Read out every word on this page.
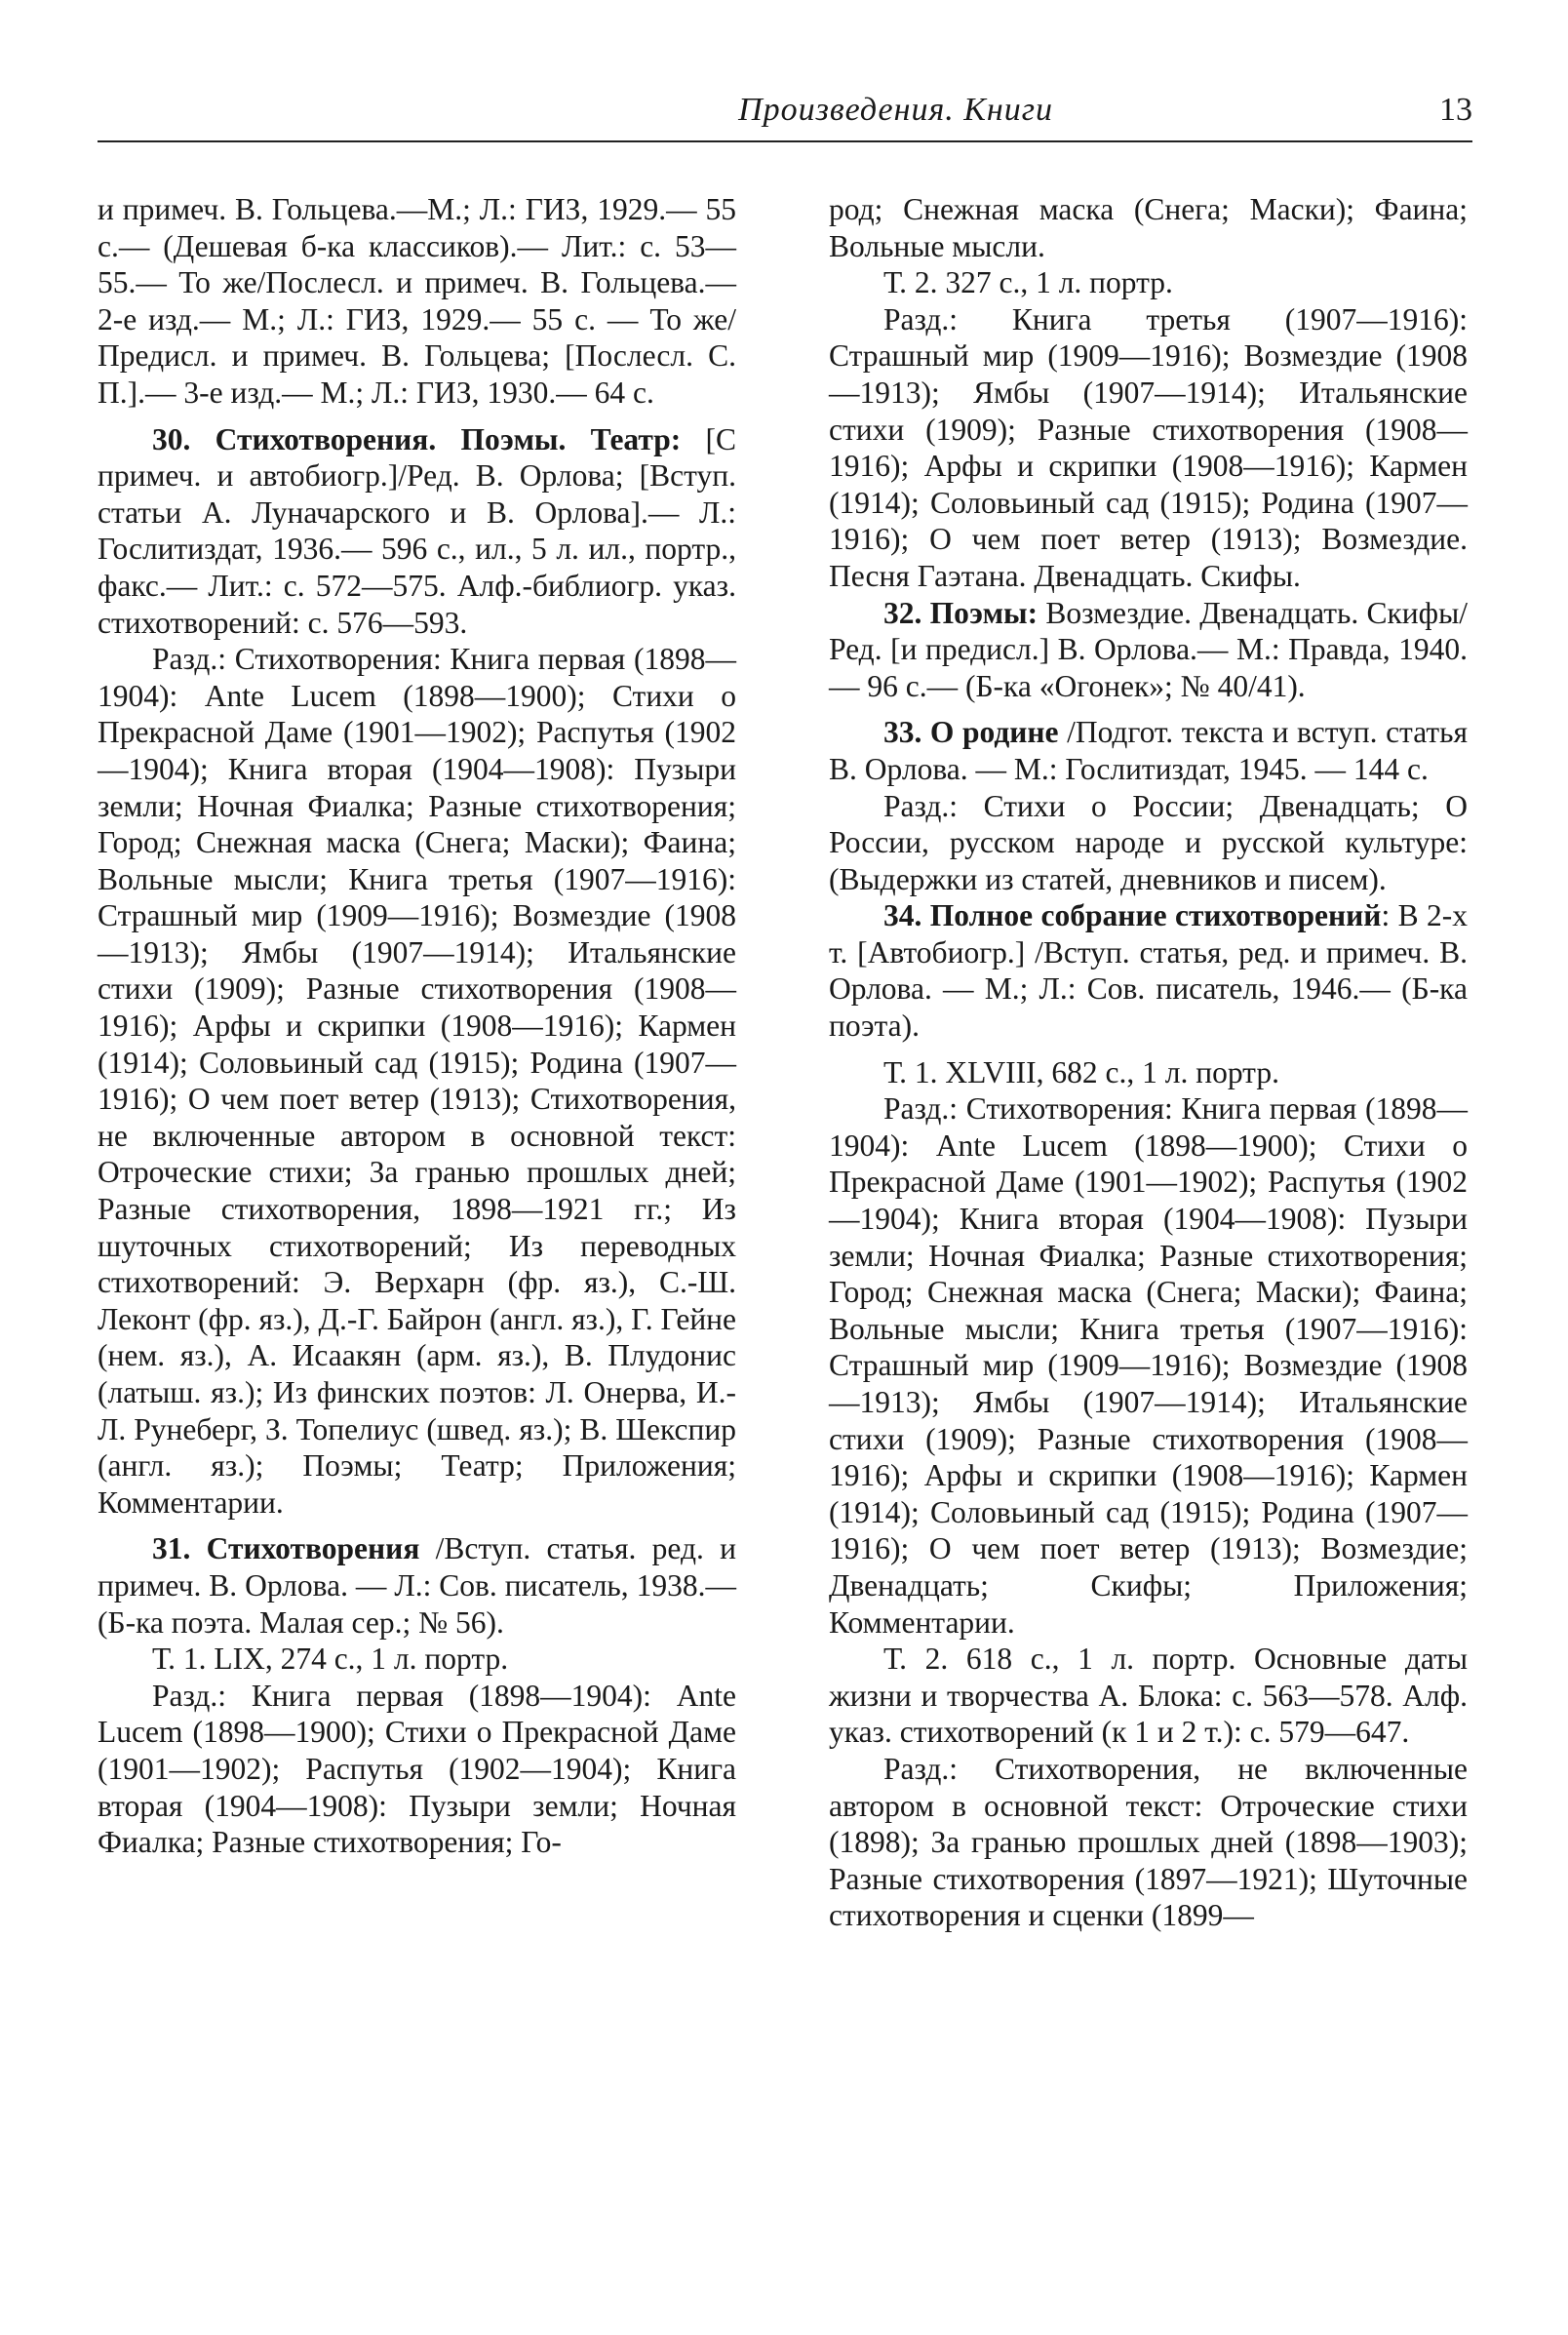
Произведения. Книги	13

и примеч. В. Гольцева.—М.; Л.: ГИЗ, 1929.— 55 с.— (Дешевая б-ка классиков).— Лит.: с. 53—55.— То же/Послесл. и примеч. В. Гольцева.— 2-е изд.— М.; Л.: ГИЗ, 1929.— 55 с. — То же/Предисл. и примеч. В. Гольцева; [Послесл. С. П.].— 3-е изд.— М.; Л.: ГИЗ, 1930.— 64 с.

30. Стихотворения. Поэмы. Театр: [С примеч. и автобиогр.]/Ред. В. Орлова; [Вступ. статьи А. Луначарского и В. Орлова].— Л.: Гослитиздат, 1936.— 596 с., ил., 5 л. ил., портр., факс.— Лит.: с. 572—575. Алф.-библиогр. указ. стихотворений: с. 576—593.

Разд.: Стихотворения: Книга первая (1898—1904): Ante Lucem (1898—1900); Стихи о Прекрасной Даме (1901—1902); Распутья (1902—1904); Книга вторая (1904—1908): Пузыри земли; Ночная Фиалка; Разные стихотворения; Город; Снежная маска (Снега; Маски); Фаина; Вольные мысли; Книга третья (1907—1916): Страшный мир (1909—1916); Возмездие (1908—1913); Ямбы (1907—1914); Итальянские стихи (1909); Разные стихотворения (1908—1916); Арфы и скрипки (1908—1916); Кармен (1914); Соловьиный сад (1915); Родина (1907—1916); О чем поет ветер (1913); Стихотворения, не включенные автором в основной текст: Отроческие стихи; За гранью прошлых дней; Разные стихотворения, 1898—1921 гг.; Из шуточных стихотворений; Из переводных стихотворений: Э. Верхарн (фр. яз.), С.-Ш. Леконт (фр. яз.), Д.-Г. Байрон (англ. яз.), Г. Гейне (нем. яз.), А. Исаакян (арм. яз.), В. Плудонис (латыш. яз.); Из финских поэтов: Л. Онерва, И.-Л. Рунеберг, З. Топелиус (швед. яз.); В. Шекспир (англ. яз.); Поэмы; Театр; Приложения; Комментарии.

31. Стихотворения /Вступ. статья. ред. и примеч. В. Орлова. — Л.: Сов. писатель, 1938.— (Б-ка поэта. Малая сер.; № 56).

Т. 1. LIX, 274 с., 1 л. портр.

Разд.: Книга первая (1898—1904): Ante Lucem (1898—1900); Стихи о Прекрасной Даме (1901—1902); Распутья (1902—1904); Книга вторая (1904—1908): Пузыри земли; Ночная Фиалка; Разные стихотворения; Го-

род; Снежная маска (Снега; Маски); Фаина; Вольные мысли.

Т. 2. 327 с., 1 л. портр.

Разд.: Книга третья (1907—1916): Страшный мир (1909—1916); Возмездие (1908—1913); Ямбы (1907—1914); Итальянские стихи (1909); Разные стихотворения (1908—1916); Арфы и скрипки (1908—1916); Кармен (1914); Соловьиный сад (1915); Родина (1907—1916); О чем поет ветер (1913); Возмездие. Песня Гаэтана. Двенадцать. Скифы.

32. Поэмы: Возмездие. Двенадцать. Скифы/Ред. [и предисл.] В. Орлова.— М.: Правда, 1940.— 96 с.— (Б-ка «Огонек»; № 40/41).

33. О родине /Подгот. текста и вступ. статья В. Орлова. — М.: Гослитиздат, 1945. — 144 с.

Разд.: Стихи о России; Двенадцать; О России, русском народе и русской культуре: (Выдержки из статей, дневников и писем).

34. Полное собрание стихотворений: В 2-х т. [Автобиогр.] /Вступ. статья, ред. и примеч. В. Орлова. — М.; Л.: Сов. писатель, 1946.— (Б-ка поэта).

Т. 1. XLVIII, 682 с., 1 л. портр.

Разд.: Стихотворения: Книга первая (1898—1904): Ante Lucem (1898—1900); Стихи о Прекрасной Даме (1901—1902); Распутья (1902—1904); Книга вторая (1904—1908): Пузыри земли; Ночная Фиалка; Разные стихотворения; Город; Снежная маска (Снега; Маски); Фаина; Вольные мысли; Книга третья (1907—1916): Страшный мир (1909—1916); Возмездие (1908—1913); Ямбы (1907—1914); Итальянские стихи (1909); Разные стихотворения (1908—1916); Арфы и скрипки (1908—1916); Кармен (1914); Соловьиный сад (1915); Родина (1907—1916); О чем поет ветер (1913); Возмездие; Двенадцать; Скифы; Приложения; Комментарии.

Т. 2. 618 с., 1 л. портр. Основные даты жизни и творчества А. Блока: с. 563—578. Алф. указ. стихотворений (к 1 и 2 т.): с. 579—647.

Разд.: Стихотворения, не включенные автором в основной текст: Отроческие стихи (1898); За гранью прошлых дней (1898—1903); Разные стихотворения (1897—1921); Шуточные стихотворения и сценки (1899—
